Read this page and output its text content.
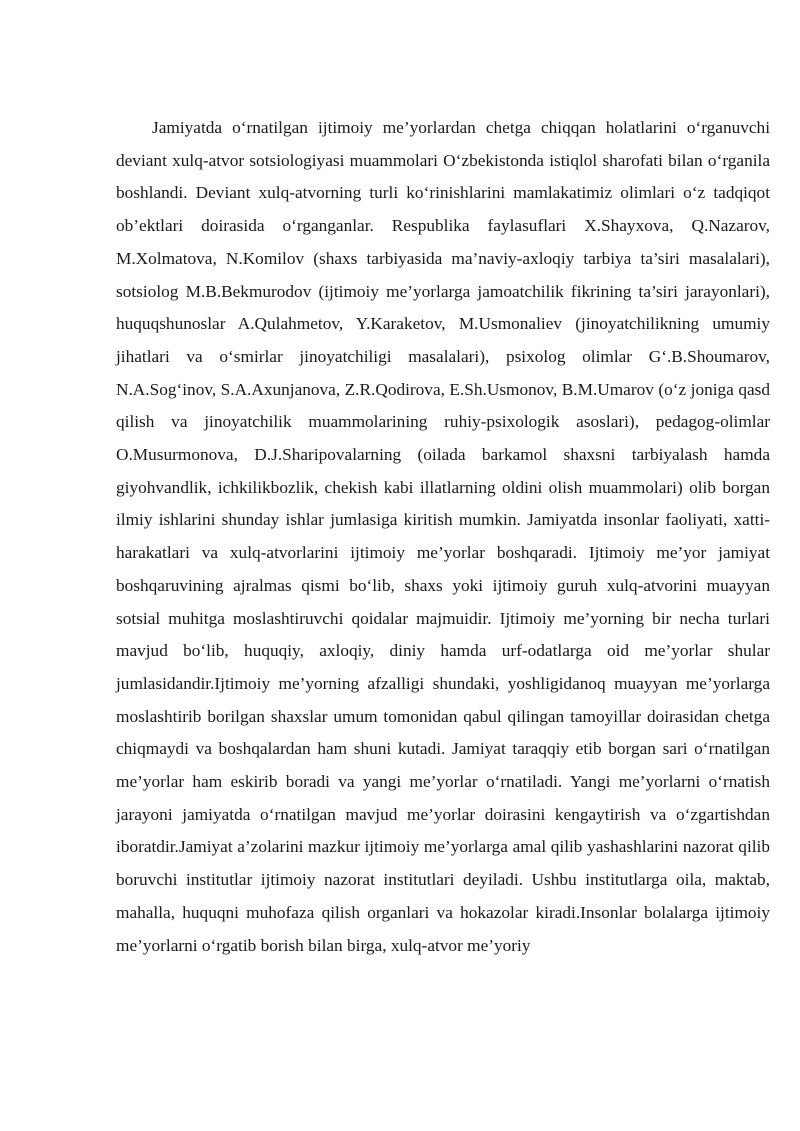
Jamiyatda o‘rnatilgan ijtimoiy me’yorlardan chetga chiqqan holatlarini o‘rganuvchi deviant xulq-atvor sotsiologiyasi muammolari O‘zbekistonda istiqlol sharofati bilan o‘rganila boshlandi. Deviant xulq-atvorning turli ko‘rinishlarini mamlakatimiz olimlari o‘z tadqiqot ob’ektlari doirasida o‘rganganlar. Respublika faylasuflari X.Shayxova, Q.Nazarov, M.Xolmatova, N.Komilov (shaxs tarbiyasida ma’naviy-axloqiy tarbiya ta’siri masalalari), sotsiolog M.B.Bekmurodov (ijtimoiy me’yorlarga jamoatchilik fikrining ta’siri jarayonlari), huquqshunoslar A.Qulahmetov, Y.Karaketov, M.Usmonaliev (jinoyatchilikning umumiy jihatlari va o‘smirlar jinoyatchiligi masalalari), psixolog olimlar G‘.B.Shoumarov, N.A.Sog‘inov, S.A.Axunjanova, Z.R.Qodirova, E.Sh.Usmonov, B.M.Umarov (o‘z joniga qasd qilish va jinoyatchilik muammolarining ruhiy-psixologik asoslari), pedagog-olimlar O.Musurmonova, D.J.Sharipovalarning (oilada barkamol shaxsni tarbiyalash hamda giyohvandlik, ichkilikbozlik, chekish kabi illatlarning oldini olish muammolari) olib borgan ilmiy ishlarini shunday ishlar jumlasiga kiritish mumkin. Jamiyatda insonlar faoliyati, xatti-harakatlari va xulq-atvorlarini ijtimoiy me’yorlar boshqaradi. Ijtimoiy me’yor jamiyat boshqaruvining ajralmas qismi bo‘lib, shaxs yoki ijtimoiy guruh xulq-atvorini muayyan sotsial muhitga moslashtiruvchi qoidalar majmuidir. Ijtimoiy me’yorning bir necha turlari mavjud bo‘lib, huquqiy, axloqiy, diniy hamda urf-odatlarga oid me’yorlar shular jumlasidandir.Ijtimoiy me’yorning afzalligi shundaki, yoshligidanoq muayyan me’yorlarga moslashtirib borilgan shaxslar umum tomonidan qabul qilingan tamoyillar doirasidan chetga chiqmaydi va boshqalardan ham shuni kutadi. Jamiyat taraqqiy etib borgan sari o‘rnatilgan me’yorlar ham eskirib boradi va yangi me’yorlar o‘rnatiladi. Yangi me’yorlarni o‘rnatish jarayoni jamiyatda o‘rnatilgan mavjud me’yorlar doirasini kengaytirish va o‘zgartishdan iboratdir.Jamiyat a’zolarini mazkur ijtimoiy me’yorlarga amal qilib yashashlarini nazorat qilib boruvchi institutlar ijtimoiy nazorat institutlari deyiladi. Ushbu institutlarga oila, maktab, mahalla, huquqni muhofaza qilish organlari va hokazolar kiradi.Insonlar bolalarga ijtimoiy me’yorlarni o‘rgatib borish bilan birga, xulq-atvor me’yoriy
